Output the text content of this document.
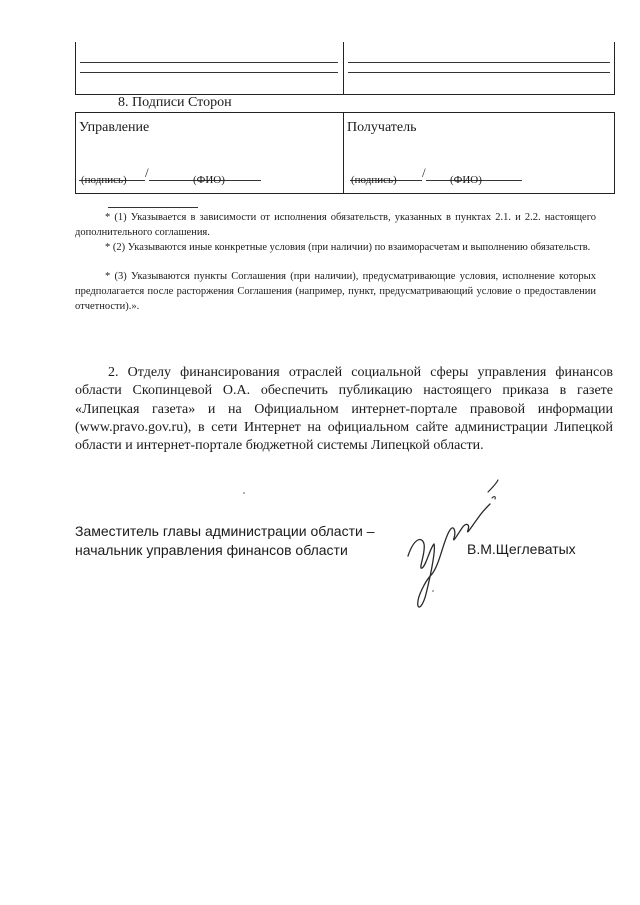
8. Подписи Сторон
Управление
/
(подпись)	(ФИО)
Получатель
/
(подпись)	(ФИО)
* (1) Указывается в зависимости от исполнения обязательств, указанных в пунктах 2.1. и 2.2. настоящего дополнительного соглашения.
* (2) Указываются иные конкретные условия (при наличии) по взаиморасчетам и выполнению обязательств.
* (3) Указываются пункты Соглашения (при наличии), предусматривающие условия, исполнение которых предполагается после расторжения Соглашения (например, пункт, предусматривающий условие о предоставлении отчетности).».
2. Отделу финансирования отраслей социальной сферы управления финансов области Скопинцевой О.А. обеспечить публикацию настоящего приказа в газете «Липецкая газета» и на Официальном интернет-портале правовой информации (www.pravo.gov.ru), в сети Интернет на официальном сайте администрации Липецкой области и интернет-портале бюджетной системы Липецкой области.
Заместитель главы администрации области –
начальник управления финансов области	В.М.Щеглеватых
